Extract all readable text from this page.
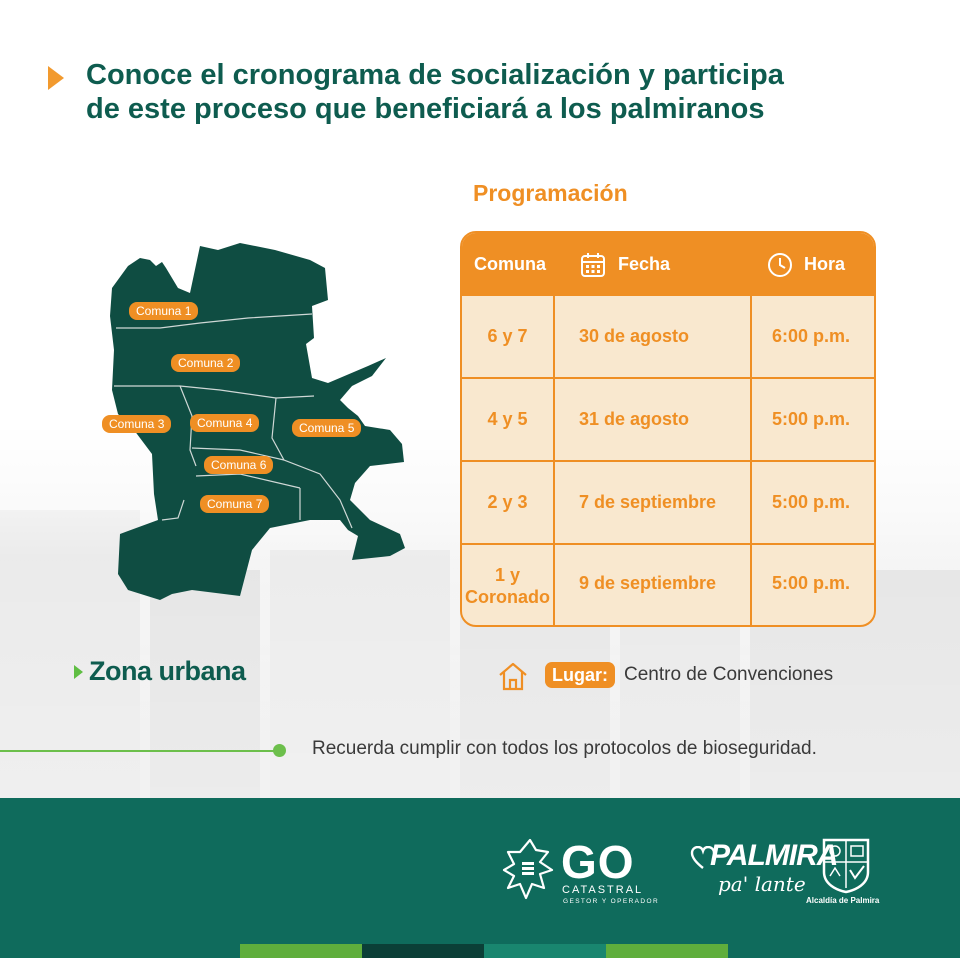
Conoce el cronograma de socialización y participa
de este proceso que beneficiará a los palmiranos
Comuna 1
Comuna 2
Comuna 3	Comuna 4	Comuna 5
Comuna 6
Comuna 7

Zona urbana

Programación
Comuna	Fecha	Hora
6 y 7	30 de agosto	6:00 p.m.
4 y 5	31 de agosto	5:00 p.m.
2 y 3	7 de septiembre	5:00 p.m.
1 y
Coronado
9 de septiembre	5:00 p.m.
Lugar: Centro de Convenciones
Recuerda cumplir con todos los protocolos de bioseguridad.
GO
CATASTRAL
GESTOR Y OPERADOR
PALMIRA
pa' lante
Alcaldía de Palmira
